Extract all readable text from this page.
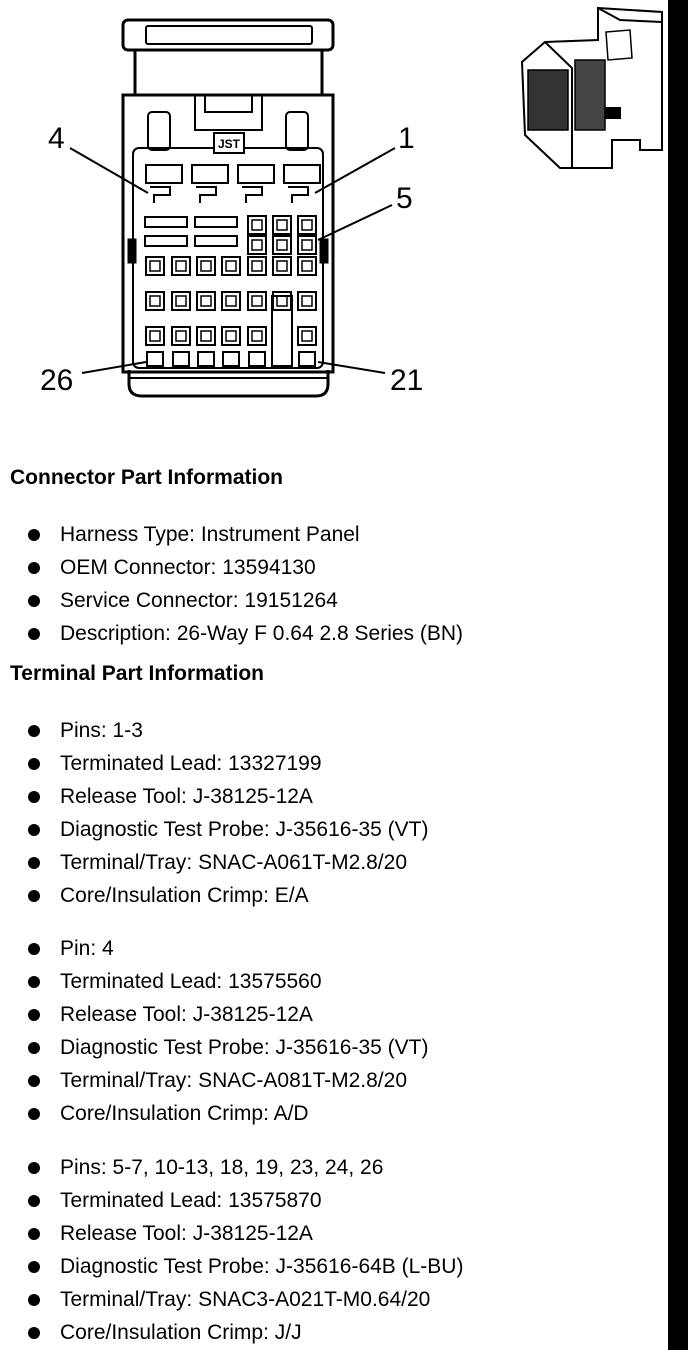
JST
4	1
5
26	21
Connector Part Information
Harness Type: Instrument Panel
OEM Connector: 13594130
Service Connector: 19151264
Description: 26-Way F 0.64 2.8 Series (BN)
Terminal Part Information
Pins: 1-3
Terminated Lead: 13327199
Release Tool: J-38125-12A
Diagnostic Test Probe: J-35616-35 (VT)
Terminal/Tray: SNAC-A061T-M2.8/20
Core/Insulation Crimp: E/A
Pin: 4
Terminated Lead: 13575560
Release Tool: J-38125-12A
Diagnostic Test Probe: J-35616-35 (VT)
Terminal/Tray: SNAC-A081T-M2.8/20
Core/Insulation Crimp: A/D
Pins: 5-7, 10-13, 18, 19, 23, 24, 26
Terminated Lead: 13575870
Release Tool: J-38125-12A
Diagnostic Test Probe: J-35616-64B (L-BU)
Terminal/Tray: SNAC3-A021T-M0.64/20
Core/Insulation Crimp: J/J
